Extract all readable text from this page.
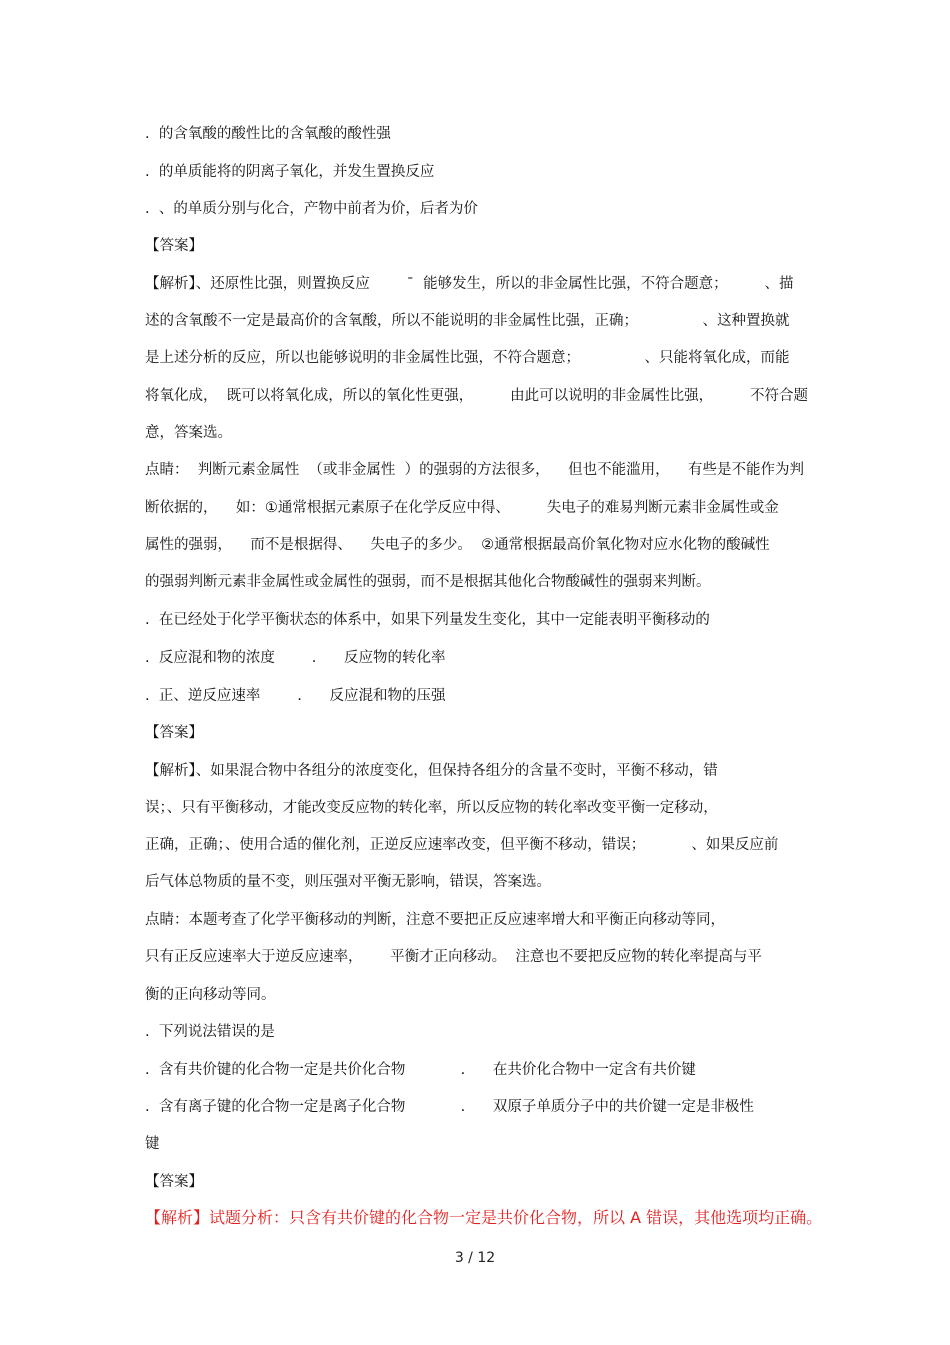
.  的含氧酸的酸性比的含氧酸的酸性强
.  的单质能将的阴离子氧化，并发生置换反应
.  、的单质分别与化合，产物中前者为价，后者为价
【答案】
【解析】、还原性比强，则置换反应        ¯  能够发生，所以的非金属性比强，不符合题意；        、描
述的含氧酸不一定是最高价的含氧酸，所以不能说明的非金属性比强，正确；              、这种置换就
是上述分析的反应，所以也能够说明的非金属性比强，不符合题意；              、只能将氧化成，而能
将氧化成，  既可以将氧化成，所以的氧化性更强，        由此可以说明的非金属性比强，        不符合题
意，答案选。
点睛：  判断元素金属性  （或非金属性  ）的强弱的方法很多，    但也不能滥用，    有些是不能作为判
断依据的，    如：①通常根据元素原子在化学反应中得、        失电子的难易判断元素非金属性或金
属性的强弱，    而不是根据得、    失电子的多少。  ②通常根据最高价氧化物对应水化物的酸碱性
的强弱判断元素非金属性或金属性的强弱，而不是根据其他化合物酸碱性的强弱来判断。
.  在已经处于化学平衡状态的体系中，如果下列量发生变化，其中一定能表明平衡移动的
.  反应混和物的浓度        .      反应物的转化率
.  正、逆反应速率        .      反应混和物的压强
【答案】
【解析】、如果混合物中各组分的浓度变化，但保持各组分的含量不变时，平衡不移动，错
误；、只有平衡移动，才能改变反应物的转化率，所以反应物的转化率改变平衡一定移动，
正确，正确；、使用合适的催化剂，正逆反应速率改变，但平衡不移动，错误；          、如果反应前
后气体总物质的量不变，则压强对平衡无影响，错误，答案选。
点睛：本题考查了化学平衡移动的判断，注意不要把正反应速率增大和平衡正向移动等同，
只有正反应速率大于逆反应速率，      平衡才正向移动。  注意也不要把反应物的转化率提高与平
衡的正向移动等同。
.  下列说法错误的是
.  含有共价键的化合物一定是共价化合物            .      在共价化合物中一定含有共价键
.  含有离子键的化合物一定是离子化合物            .      双原子单质分子中的共价键一定是非极性
键
【答案】
【解析】试题分析：只含有共价键的化合物一定是共价化合物，所以 A 错误，其他选项均正确。
3 / 12
